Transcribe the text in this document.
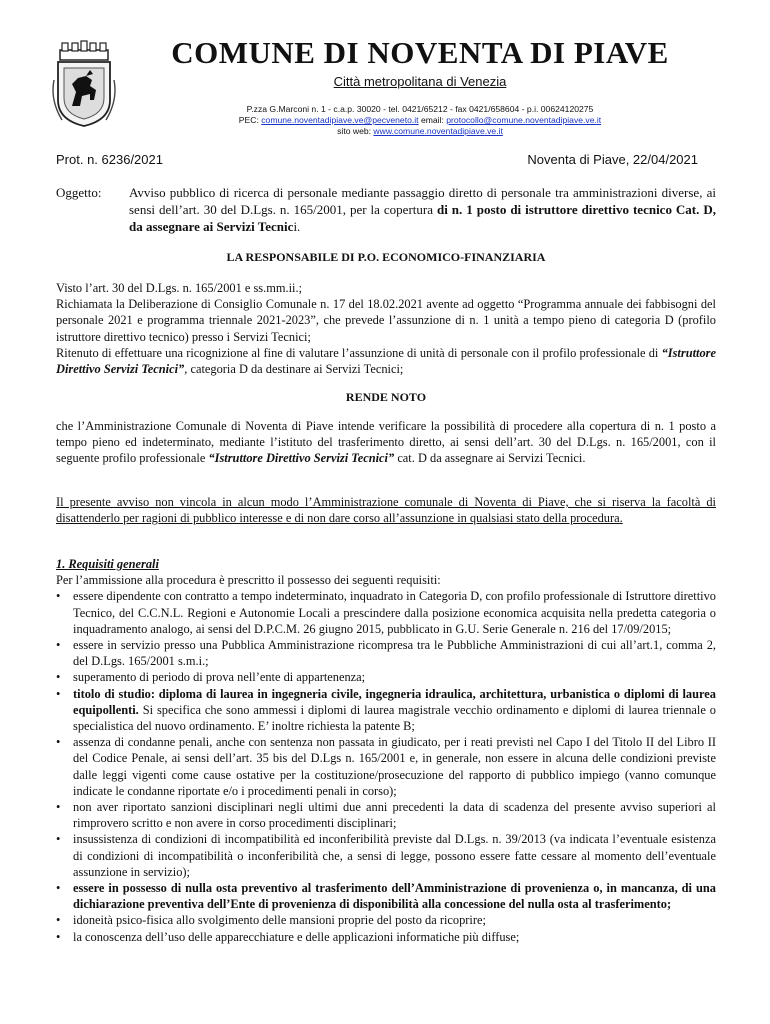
COMUNE DI NOVENTA DI PIAVE
Città metropolitana di Venezia
P.zza G.Marconi n. 1 - c.a.p. 30020 - tel. 0421/65212 - fax 0421/658604 - p.i. 00624120275
PEC: comune.noventadipiave.ve@pecveneto.it email: protocollo@comune.noventadipiave.ve.it
sito web: www.comune.noventadipiave.ve.it
Prot. n. 6236/2021	Noventa di Piave, 22/04/2021
Oggetto: Avviso pubblico di ricerca di personale mediante passaggio diretto di personale tra amministrazioni diverse, ai sensi dell’art. 30 del D.Lgs. n. 165/2001, per la copertura di n. 1 posto di istruttore direttivo tecnico Cat. D, da assegnare ai Servizi Tecnici.
LA RESPONSABILE DI P.O. ECONOMICO-FINANZIARIA

Visto l’art. 30 del D.Lgs. n. 165/2001 e ss.mm.ii.;

Richiamata la Deliberazione di Consiglio Comunale n. 17 del 18.02.2021 avente ad oggetto “Programma annuale dei fabbisogni del personale 2021 e programma triennale 2021-2023”, che prevede l’assunzione di n. 1 unità a tempo pieno di categoria D (profilo istruttore direttivo tecnico) presso i Servizi Tecnici;

Ritenuto di effettuare una ricognizione al fine di valutare l’assunzione di unità di personale con il profilo professionale di “Istruttore Direttivo Servizi Tecnici”, categoria D da destinare ai Servizi Tecnici;

RENDE NOTO

che l’Amministrazione Comunale di Noventa di Piave intende verificare la possibilità di procedere alla copertura di n. 1 posto a tempo pieno ed indeterminato, mediante l’istituto del trasferimento diretto, ai sensi dell’art. 30 del D.Lgs. n. 165/2001, con il seguente profilo professionale “Istruttore Direttivo Servizi Tecnici” cat. D da assegnare ai Servizi Tecnici.

Il presente avviso non vincola in alcun modo l’Amministrazione comunale di Noventa di Piave, che si riserva la facoltà di disattenderlo per ragioni di pubblico interesse e di non dare corso all’assunzione in qualsiasi stato della procedura.
1. Requisiti generali
Per l’ammissione alla procedura è prescritto il possesso dei seguenti requisiti:
• essere dipendente con contratto a tempo indeterminato, inquadrato in Categoria D, con profilo professionale di Istruttore direttivo Tecnico, del C.C.N.L. Regioni e Autonomie Locali a prescindere dalla posizione economica acquisita nella predetta categoria o inquadramento analogo, ai sensi del D.P.C.M. 26 giugno 2015, pubblicato in G.U. Serie Generale n. 216 del 17/09/2015;
• essere in servizio presso una Pubblica Amministrazione ricompresa tra le Pubbliche Amministrazioni di cui all’art.1, comma 2, del D.Lgs. 165/2001 s.m.i.;
• superamento di periodo di prova nell’ente di appartenenza;
• titolo di studio: diploma di laurea in ingegneria civile, ingegneria idraulica, architettura, urbanistica o diplomi di laurea equipollenti. Si specifica che sono ammessi i diplomi di laurea magistrale vecchio ordinamento e diplomi di laurea triennale o specialistica del nuovo ordinamento. E’ inoltre richiesta la patente B;
• assenza di condanne penali, anche con sentenza non passata in giudicato, per i reati previsti nel Capo I del Titolo II del Libro II del Codice Penale, ai sensi dell’art. 35 bis del D.Lgs n. 165/2001 e, in generale, non essere in alcuna delle condizioni previste dalle leggi vigenti come cause ostative per la costituzione/prosecuzione del rapporto di pubblico impiego (vanno comunque indicate le condanne riportate e/o i procedimenti penali in corso);
• non aver riportato sanzioni disciplinari negli ultimi due anni precedenti la data di scadenza del presente avviso superiori al rimprovero scritto e non avere in corso procedimenti disciplinari;
• insussistenza di condizioni di incompatibilità ed inconferibilità previste dal D.Lgs. n. 39/2013 (va indicata l’eventuale esistenza di condizioni di incompatibilità o inconferibilità che, a sensi di legge, possono essere fatte cessare al momento dell’eventuale assunzione in servizio);
• essere in possesso di nulla osta preventivo al trasferimento dell’Amministrazione di provenienza o, in mancanza, di una dichiarazione preventiva dell’Ente di provenienza di disponibilità alla concessione del nulla osta al trasferimento;
• idoneità psico-fisica allo svolgimento delle mansioni proprie del posto da ricoprire;
• la conoscenza dell’uso delle apparecchiature e delle applicazioni informatiche più diffuse;
